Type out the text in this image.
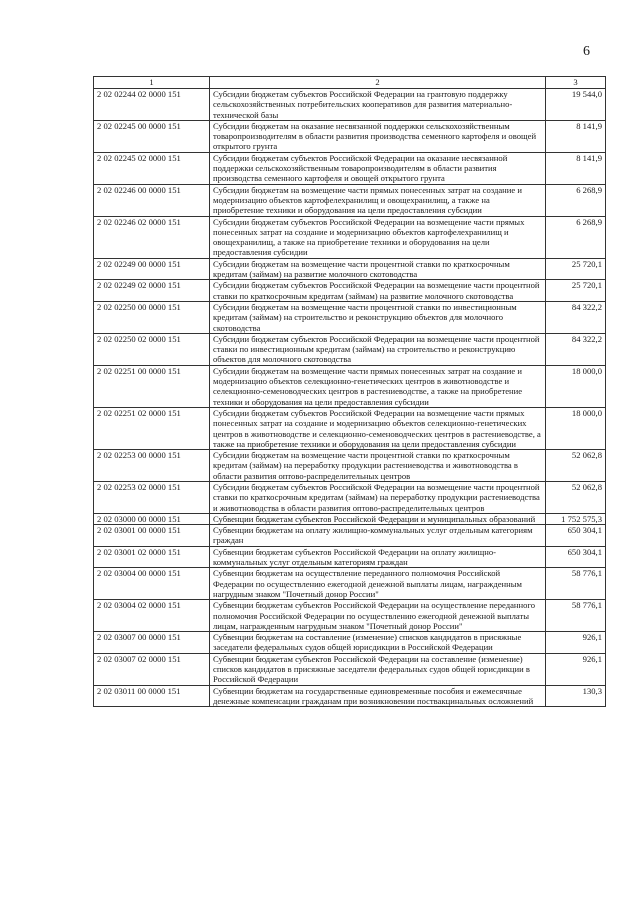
6
1	2	3
2 02 02244 02 0000 151	Субсидии бюджетам субъектов Российской Федерации на грантовую поддержку сельскохозяйственных потребительских кооперативов для развития материально-технической базы	19 544,0
2 02 02245 00 0000 151	Субсидии бюджетам на оказание несвязанной поддержки сельскохозяйственным товаропроизводителям в области развития производства семенного картофеля и овощей открытого грунта	8 141,9
2 02 02245 02 0000 151	Субсидии бюджетам субъектов Российской Федерации на оказание несвязанной поддержки сельскохозяйственным товаропроизводителям в области развития производства семенного картофеля и овощей открытого грунта	8 141,9
2 02 02246 00 0000 151	Субсидии бюджетам на возмещение части прямых понесенных затрат на создание и модернизацию объектов картофелехранилищ и овощехранилищ, а также на приобретение техники и оборудования на цели предоставления субсидии	6 268,9
2 02 02246 02 0000 151	Субсидии бюджетам субъектов Российской Федерации на возмещение части прямых понесенных затрат на создание и модернизацию объектов картофелехранилищ и овощехранилищ, а также на приобретение техники и оборудования на цели предоставления субсидии	6 268,9
2 02 02249 00 0000 151	Субсидии бюджетам на возмещение части процентной ставки по краткосрочным кредитам (займам) на развитие молочного скотоводства	25 720,1
2 02 02249 02 0000 151	Субсидии бюджетам субъектов Российской Федерации на возмещение части процентной ставки по краткосрочным кредитам (займам) на развитие молочного скотоводства	25 720,1
2 02 02250 00 0000 151	Субсидии бюджетам на возмещение части процентной ставки по инвестиционным кредитам (займам) на строительство и реконструкцию объектов для молочного скотоводства	84 322,2
2 02 02250 02 0000 151	Субсидии бюджетам субъектов Российской Федерации на возмещение части процентной ставки по инвестиционным кредитам (займам) на строительство и реконструкцию объектов для молочного скотоводства	84 322,2
2 02 02251 00 0000 151	Субсидии бюджетам на возмещение части прямых понесенных затрат на создание и модернизацию объектов селекционно-генетических центров в животноводстве и селекционно-семеноводческих центров в растениеводстве, а также на приобретение техники и оборудования на цели предоставления субсидии	18 000,0
2 02 02251 02 0000 151	Субсидии бюджетам субъектов Российской Федерации на возмещение части прямых понесенных затрат на создание и модернизацию объектов селекционно-генетических центров в животноводстве и селекционно-семеноводческих центров в растениеводстве, а также на приобретение техники и оборудования на цели предоставления субсидии	18 000,0
2 02 02253 00 0000 151	Субсидии бюджетам на возмещение части процентной ставки по краткосрочным кредитам (займам) на переработку продукции растениеводства и животноводства в области развития оптово-распределительных центров	52 062,8
2 02 02253 02 0000 151	Субсидии бюджетам субъектов Российской Федерации на возмещение части процентной ставки по краткосрочным кредитам (займам) на переработку продукции растениеводства и животноводства в области развития оптово-распределительных центров	52 062,8
2 02 03000 00 0000 151	Субвенции бюджетам субъектов Российской Федерации и муниципальных образований	1 752 575,3
2 02 03001 00 0000 151	Субвенции бюджетам на оплату жилищно-коммунальных услуг отдельным категориям граждан	650 304,1
2 02 03001 02 0000 151	Субвенции бюджетам субъектов Российской Федерации на оплату жилищно-коммунальных услуг отдельным категориям граждан	650 304,1
2 02 03004 00 0000 151	Субвенции бюджетам на осуществление переданного полномочия Российской Федерации по осуществлению ежегодной денежной выплаты лицам, награжденным нагрудным знаком "Почетный донор России"	58 776,1
2 02 03004 02 0000 151	Субвенции бюджетам субъектов Российской Федерации на осуществление переданного полномочия Российской Федерации по осуществлению ежегодной денежной выплаты лицам, награжденным нагрудным знаком "Почетный донор России"	58 776,1
2 02 03007 00 0000 151	Субвенции бюджетам на составление (изменение) списков кандидатов в присяжные заседатели федеральных судов общей юрисдикции в Российской Федерации	926,1
2 02 03007 02 0000 151	Субвенции бюджетам субъектов Российской Федерации на составление (изменение) списков кандидатов в присяжные заседатели федеральных судов общей юрисдикции в Российской Федерации	926,1
2 02 03011 00 0000 151	Субвенции бюджетам на государственные единовременные пособия и ежемесячные денежные компенсации гражданам при возникновении поствакцинальных осложнений	130,3
